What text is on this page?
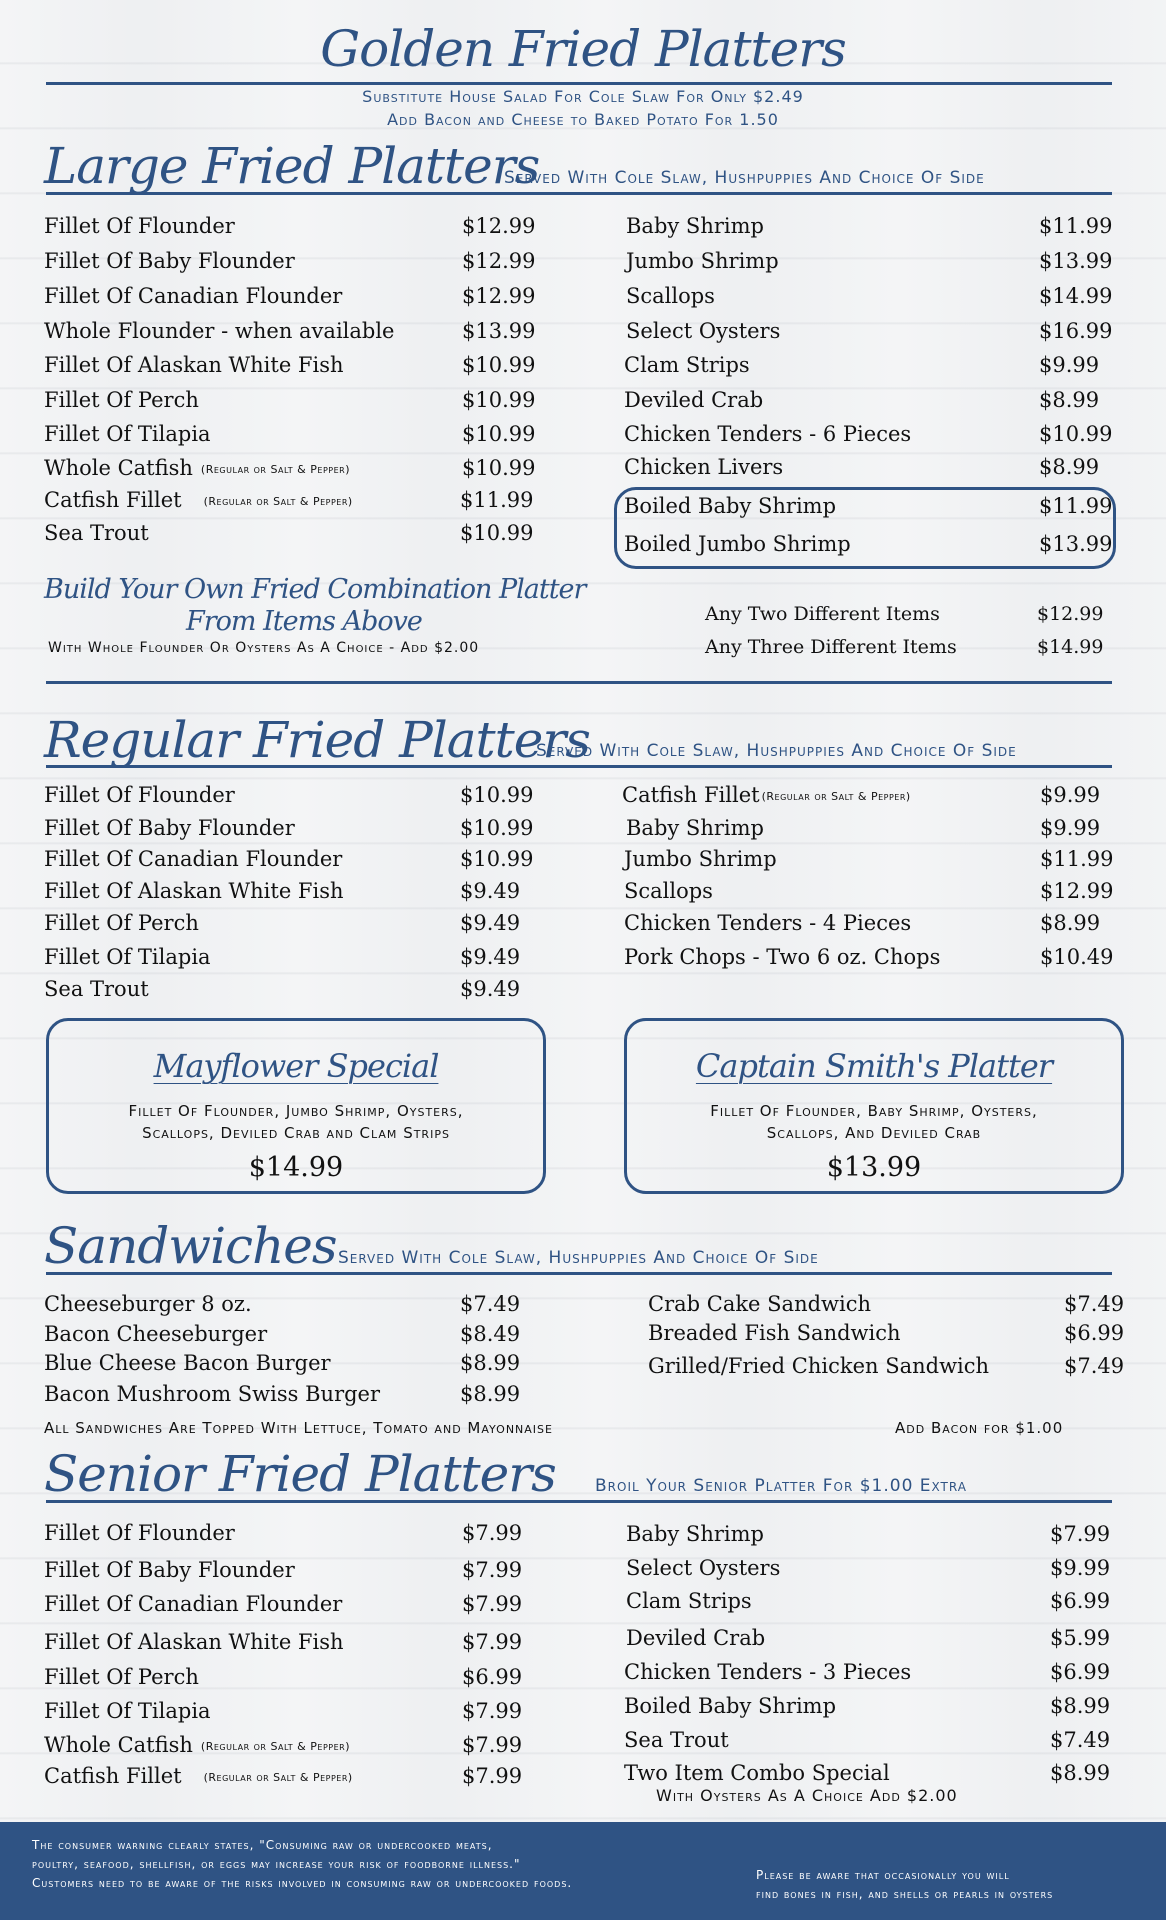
Golden Fried Platters
Substitute House Salad For Cole Slaw For Only $2.49
Add Bacon and Cheese to Baked Potato For 1.50
Large Fried Platters
Served With Cole Slaw, Hushpuppies And Choice Of Side
Fillet Of Flounder	$12.99
Fillet Of Baby Flounder	$12.99
Fillet Of Canadian Flounder	$12.99
Whole Flounder - when available	$13.99
Fillet Of Alaskan White Fish	$10.99
Fillet Of Perch	$10.99
Fillet Of Tilapia	$10.99
Whole Catfish (Regular or Salt & Pepper)	$10.99
Catfish Fillet (Regular or Salt & Pepper)	$11.99
Sea Trout	$10.99
Baby Shrimp	$11.99
Jumbo Shrimp	$13.99
Scallops	$14.99
Select Oysters	$16.99
Clam Strips	$9.99
Deviled Crab	$8.99
Chicken Tenders - 6 Pieces	$10.99
Chicken Livers	$8.99
Boiled Baby Shrimp	$11.99
Boiled Jumbo Shrimp	$13.99
Build Your Own Fried Combination Platter
From Items Above
With Whole Flounder Or Oysters As A Choice - Add $2.00
Any Two Different Items	$12.99
Any Three Different Items	$14.99
Regular Fried Platters
Served With Cole Slaw, Hushpuppies And Choice Of Side
Fillet Of Flounder	$10.99
Fillet Of Baby Flounder	$10.99
Fillet Of Canadian Flounder	$10.99
Fillet Of Alaskan White Fish	$9.49
Fillet Of Perch	$9.49
Fillet Of Tilapia	$9.49
Sea Trout	$9.49
Catfish Fillet (Regular or Salt & Pepper)	$9.99
Baby Shrimp	$9.99
Jumbo Shrimp	$11.99
Scallops	$12.99
Chicken Tenders - 4 Pieces	$8.99
Pork Chops - Two 6 oz. Chops	$10.49
Mayflower Special
Fillet Of Flounder, Jumbo Shrimp, Oysters,
Scallops, Deviled Crab and Clam Strips
$14.99
Captain Smith's Platter
Fillet Of Flounder, Baby Shrimp, Oysters,
Scallops, And Deviled Crab
$13.99
Sandwiches Served With Cole Slaw, Hushpuppies And Choice Of Side
Cheeseburger 8 oz.	$7.49
Bacon Cheeseburger	$8.49
Blue Cheese Bacon Burger	$8.99
Bacon Mushroom Swiss Burger	$8.99
Crab Cake Sandwich	$7.49
Breaded Fish Sandwich	$6.99
Grilled/Fried Chicken Sandwich	$7.49
All Sandwiches Are Topped With Lettuce, Tomato and Mayonnaise	Add Bacon for $1.00
Senior Fried Platters Broil Your Senior Platter For $1.00 Extra
Fillet Of Flounder	$7.99
Fillet Of Baby Flounder	$7.99
Fillet Of Canadian Flounder	$7.99
Fillet Of Alaskan White Fish	$7.99
Fillet Of Perch	$6.99
Fillet Of Tilapia	$7.99
Whole Catfish (Regular or Salt & Pepper)	$7.99
Catfish Fillet (Regular or Salt & Pepper)	$7.99
Baby Shrimp	$7.99
Select Oysters	$9.99
Clam Strips	$6.99
Deviled Crab	$5.99
Chicken Tenders - 3 Pieces	$6.99
Boiled Baby Shrimp	$8.99
Sea Trout	$7.49
Two Item Combo Special	$8.99
With Oysters As A Choice Add $2.00
The consumer warning clearly states, "Consuming raw or undercooked meats,
poultry, seafood, shellfish, or eggs may increase your risk of foodborne illness."
Customers need to be aware of the risks involved in consuming raw or undercooked foods.
Please be aware that occasionally you will
find bones in fish, and shells or pearls in oysters
